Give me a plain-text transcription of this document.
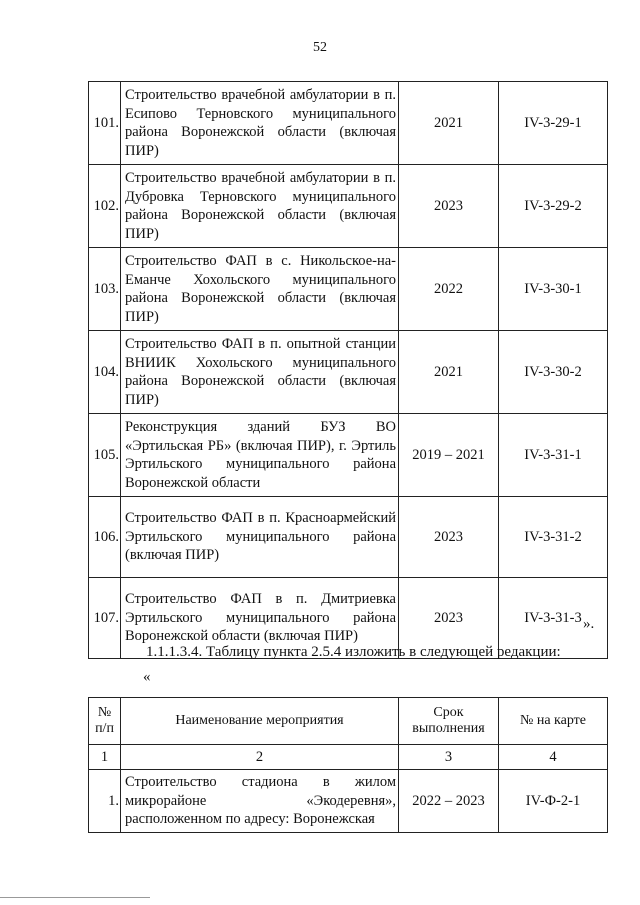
52
101.	Строительство врачебной амбулатории в п. Есипово Терновского муниципального района Воронежской области (включая ПИР)	2021	IV-3-29-1
102.	Строительство врачебной амбулатории в п. Дубровка Терновского муниципального района Воронежской области (включая ПИР)	2023	IV-3-29-2
103.	Строительство ФАП в с. Никольское-на-Еманче Хохольского муниципального района Воронежской области (включая ПИР)	2022	IV-3-30-1
104.	Строительство ФАП в п. опытной станции ВНИИК Хохольского муниципального района Воронежской области (включая ПИР)	2021	IV-3-30-2
105.	Реконструкция зданий БУЗ ВО «Эртильская РБ» (включая ПИР), г. Эртиль Эртильского муниципального района Воронежской области	2019 – 2021	IV-3-31-1
106.	Строительство ФАП в п. Красноармейский Эртильского муниципального района (включая ПИР)	2023	IV-3-31-2
107.	Строительство ФАП в п. Дмитриевка Эртильского муниципального района Воронежской области (включая ПИР)	2023	IV-3-31-3 ».
1.1.1.3.4. Таблицу пункта 2.5.4 изложить в следующей редакции:
«
№ п/п	Наименование мероприятия	Срок выполнения	№ на карте
1	2	3	4
1.	Строительство стадиона в жилом микрорайоне «Экодеревня», расположенном по адресу: Воронежская	2022 – 2023	IV-Ф-2-1
